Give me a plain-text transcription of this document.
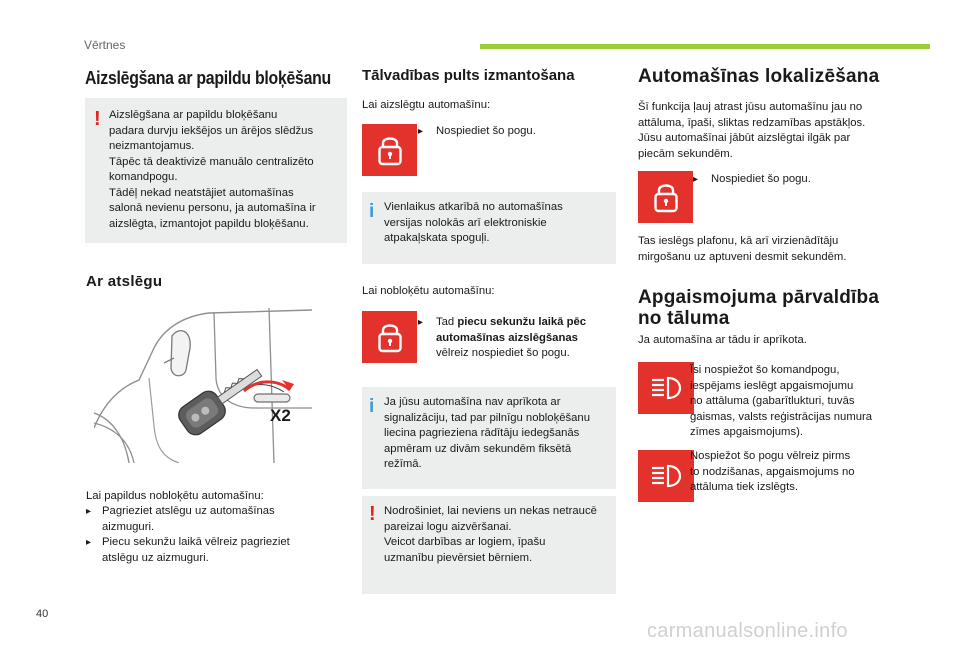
Vērtnes
Aizslēgšana ar papildu bloķēšanu
! Aizslēgšana ar papildu bloķēšanu
padara durvju iekšējos un ārējos slēdžus
neizmantojamus.
Tāpēc tā deaktivizē manuālo centralizēto
komandpogu.
Tādēļ nekad neatstājiet automašīnas
salonā nevienu personu, ja automašīna ir
aizslēgta, izmantojot papildu bloķēšanu.
Ar atslēgu
X2
Lai papildus nobloķētu automašīnu:
▸ Pagrieziet atslēgu uz automašīnas
aizmuguri.
▸ Piecu sekunžu laikā vēlreiz pagrieziet
atslēgu uz aizmuguri.
Tālvadības pults izmantošana
Lai aizslēgtu automašīnu:
▸ Nospiediet šo pogu.
i Vienlaikus atkarībā no automašīnas
versijas nolokās arī elektroniskie
atpakaļskata spoguļi.
Lai nobloķētu automašīnu:
▸	Tad piecu sekunžu laikā pēc
automašīnas aizslēgšanas
vēlreiz nospiediet šo pogu.
i Ja jūsu automašīna nav aprīkota ar
signalizāciju, tad par pilnīgu nobloķēšanu
liecina pagrieziena rādītāju iedegšanās
apmēram uz divām sekundēm fiksētā
režīmā.
! Nodrošiniet, lai neviens un nekas netraucē
pareizai logu aizvēršanai.
Veicot darbības ar logiem, īpašu
uzmanību pievērsiet bērniem.
Automašīnas lokalizēšana
Šī funkcija ļauj atrast jūsu automašīnu jau no
attāluma, īpaši, sliktas redzamības apstākļos.
Jūsu automašīnai jābūt aizslēgtai ilgāk par
piecām sekundēm.
▸ Nospiediet šo pogu.
Tas ieslēgs plafonu, kā arī virzienādītāju
mirgošanu uz aptuveni desmit sekundēm.
Apgaismojuma pārvaldība
no tāluma
Ja automašīna ar tādu ir aprīkota.
Īsi nospiežot šo komandpogu,
iespējams ieslēgt apgaismojumu
no attāluma (gabarītlukturi, tuvās
gaismas, valsts reģistrācijas numura
zīmes apgaismojums).
Nospiežot šo pogu vēlreiz pirms
to nodzišanas, apgaismojums no
attāluma tiek izslēgts.
40
carmanualsonline.info
